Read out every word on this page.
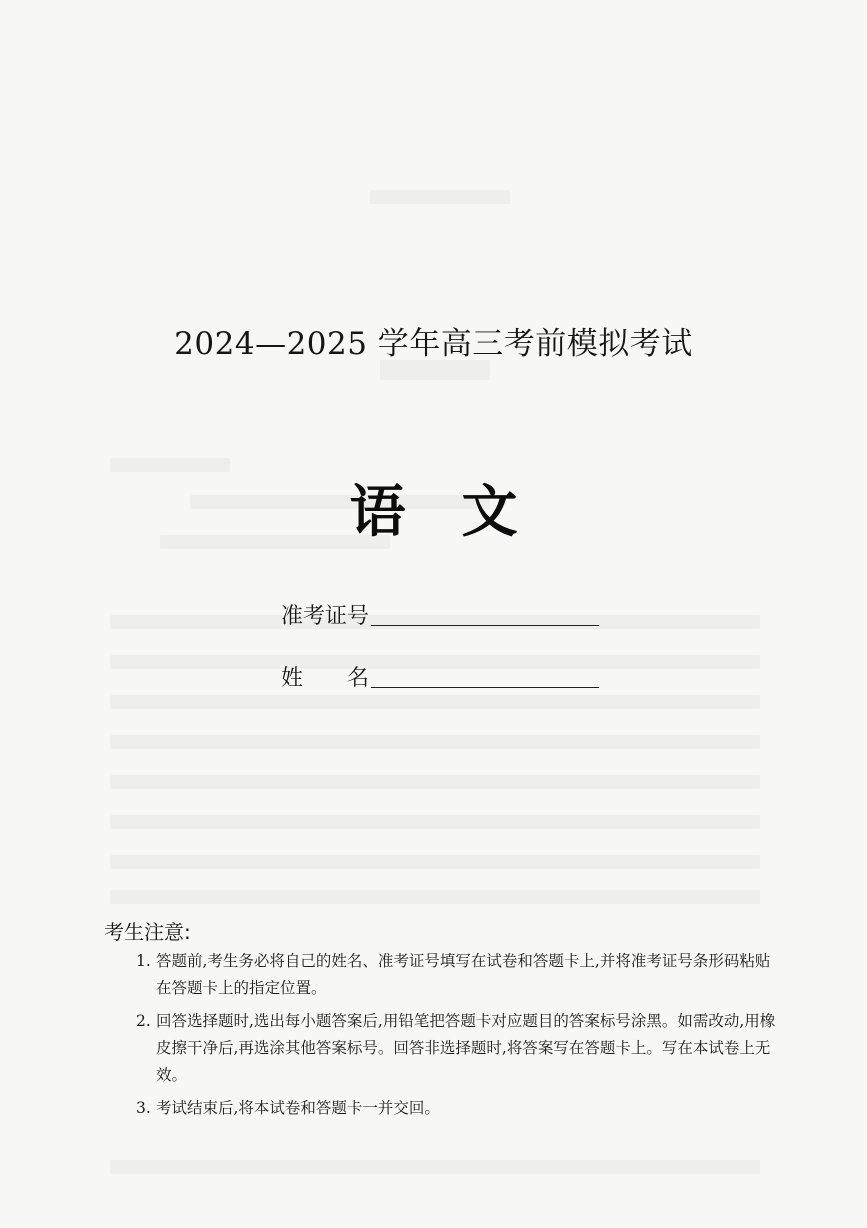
2024—2025 学年高三考前模拟考试
语文
准考证号
姓名
考生注意:
1. 答题前,考生务必将自己的姓名、准考证号填写在试卷和答题卡上,并将准考证号条形码粘贴在答题卡上的指定位置。
2. 回答选择题时,选出每小题答案后,用铅笔把答题卡对应题目的答案标号涂黑。如需改动,用橡皮擦干净后,再选涂其他答案标号。回答非选择题时,将答案写在答题卡上。写在本试卷上无效。
3. 考试结束后,将本试卷和答题卡一并交回。
